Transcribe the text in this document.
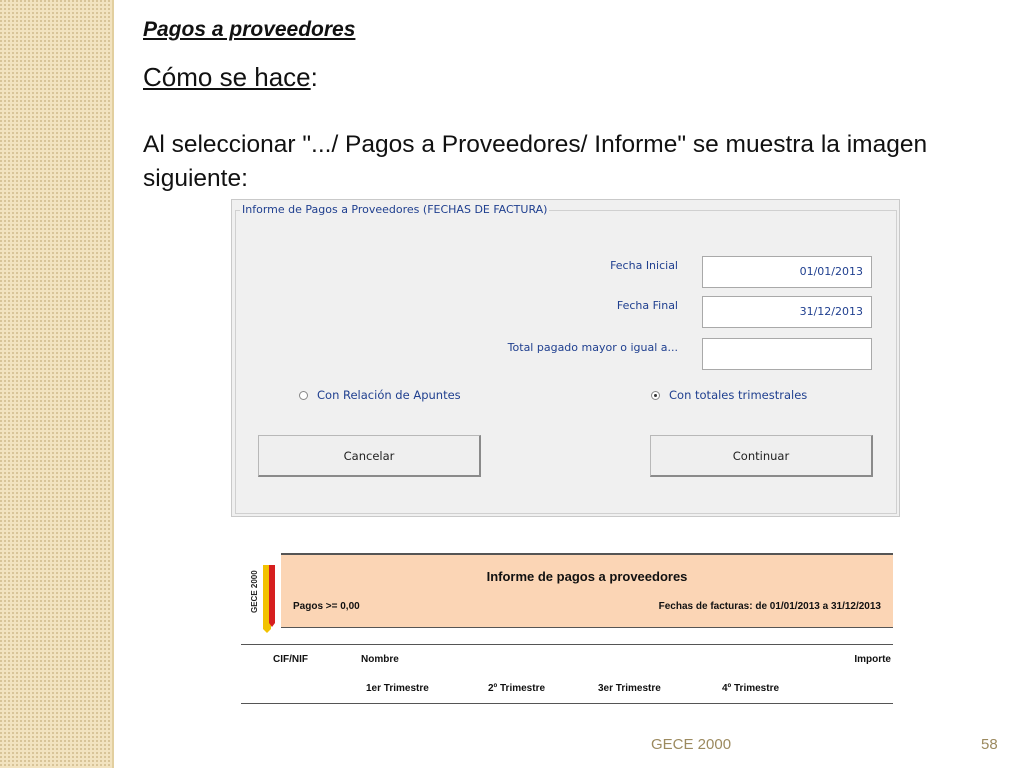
Pagos a proveedores
Cómo se hace:
Al seleccionar ".../ Pagos a Proveedores/ Informe" se muestra la imagen siguiente:
Informe de Pagos a Proveedores (FECHAS DE FACTURA)
Fecha Inicial	01/01/2013
Fecha Final	31/12/2013
Total pagado mayor o igual a...
Con Relación de Apuntes	Con totales trimestrales
Cancelar	Continuar
GECE 2000	Informe de pagos a proveedores
Pagos >= 0,00	Fechas de facturas: de 01/01/2013 a 31/12/2013
CIF/NIF	Nombre	Importe
1er Trimestre	2º Trimestre	3er Trimestre	4º Trimestre
GECE 2000	58
